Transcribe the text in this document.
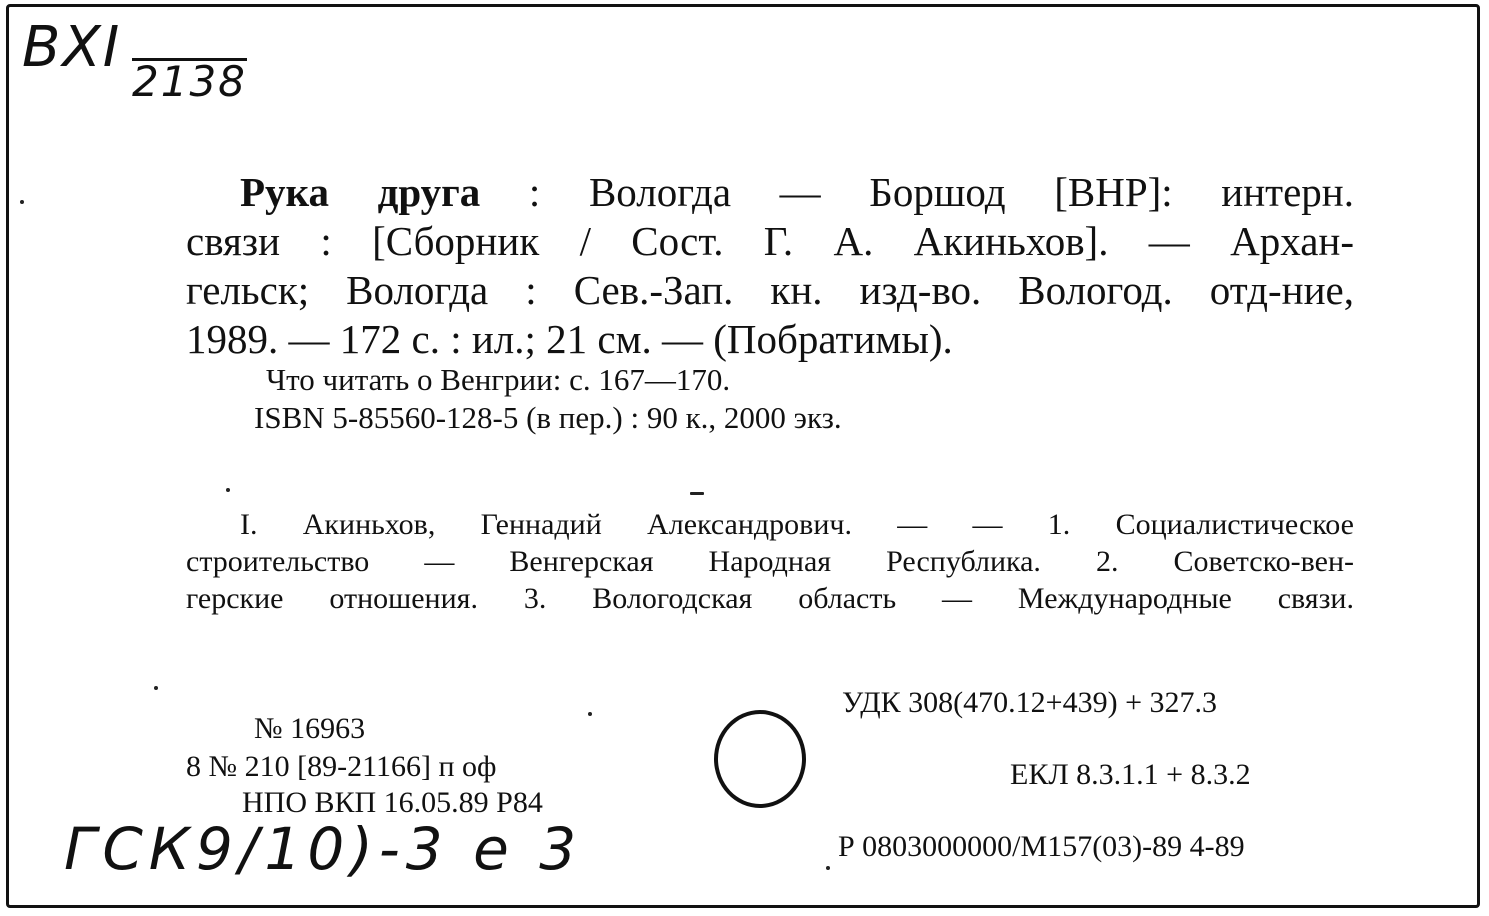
BXI
2138
Рука друга : Вологда — Боршод [ВНР]: интерн.
связи : [Сборник / Сост. Г. А. Акиньхов]. — Архан-
гельск; Вологда : Сев.-Зап. кн. изд-во. Вологод. отд-ние,
1989. — 172 с. : ил.; 21 см. — (Побратимы).
Что читать о Венгрии: с. 167—170.
ISBN 5-85560-128-5 (в пер.) : 90 к., 2000 экз.
I. Акиньхов, Геннадий Александрович. — — 1. Социалистическое
строительство — Венгерская Народная Республика. 2. Советско-вен-
герские отношения. 3. Вологодская область — Международные связи.
№ 16963
8 № 210 [89-21166] п оф
НПО ВКП 16.05.89 Р84
УДК 308(470.12+439) + 327.3
ЕКЛ 8.3.1.1 + 8.3.2
Р 0803000000/М157(03)-89 4-89
ГСК9/10)-3 е 3
